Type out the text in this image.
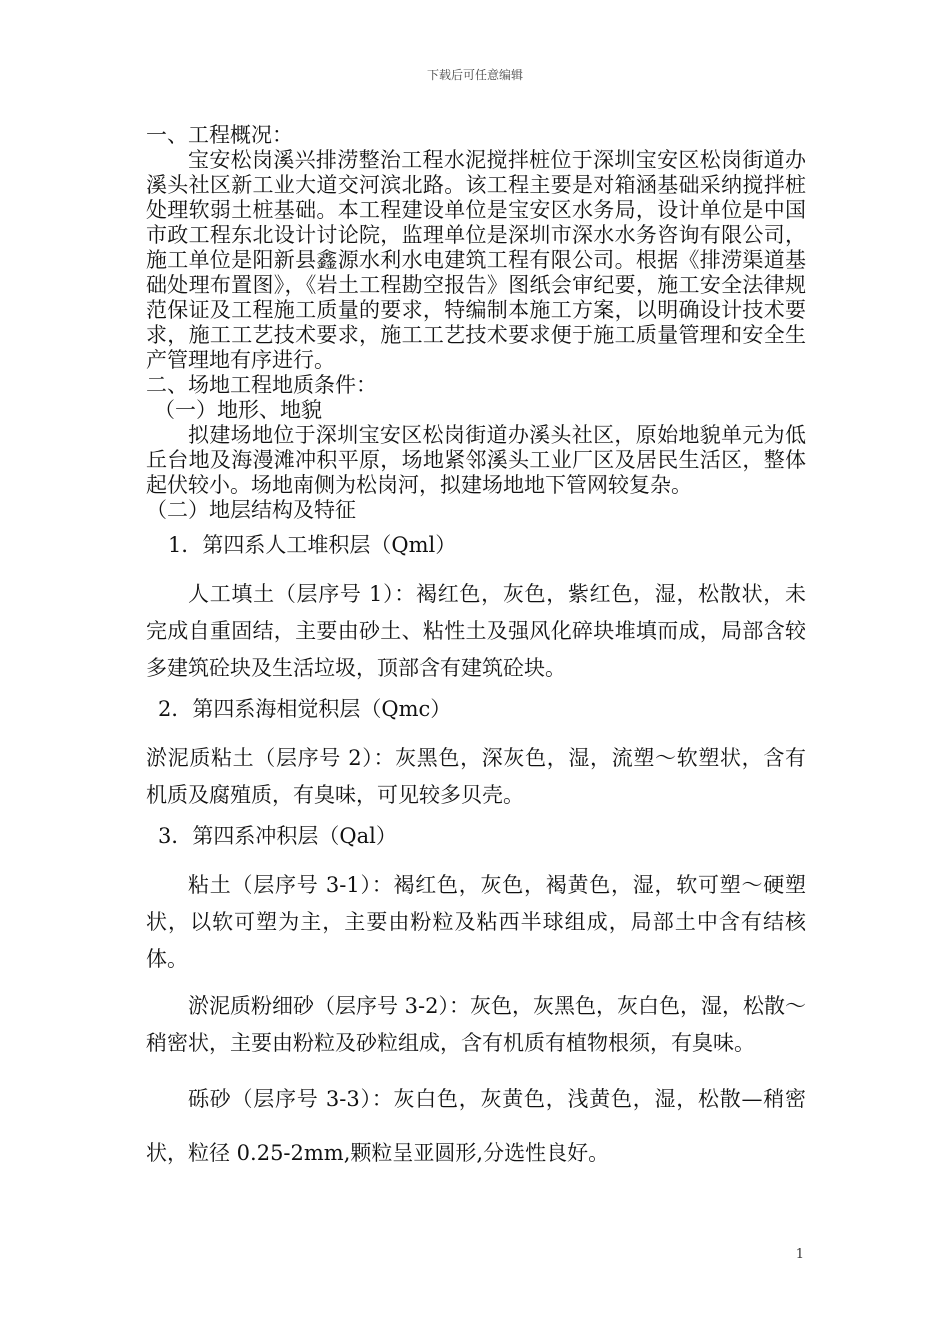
下载后可任意编辑

一、工程概况：

宝安松岗溪兴排涝整治工程水泥搅拌桩位于深圳宝安区松岗街道办溪头社区新工业大道交河滨北路。该工程主要是对箱涵基础采纳搅拌桩处理软弱土桩基础。本工程建设单位是宝安区水务局，设计单位是中国市政工程东北设计讨论院，监理单位是深圳市深水水务咨询有限公司，施工单位是阳新县鑫源水利水电建筑工程有限公司。根据《排涝渠道基础处理布置图》，《岩土工程勘空报告》图纸会审纪要，施工安全法律规范保证及工程施工质量的要求，特编制本施工方案，以明确设计技术要求，施工工艺技术要求，施工工艺技术要求便于施工质量管理和安全生产管理地有序进行。

二、场地工程地质条件：

（一）地形、地貌

拟建场地位于深圳宝安区松岗街道办溪头社区，原始地貌单元为低丘台地及海漫滩冲积平原，场地紧邻溪头工业厂区及居民生活区，整体起伏较小。场地南侧为松岗河，拟建场地地下管网较复杂。

（二）地层结构及特征

1．第四系人工堆积层（Qml）

人工填土（层序号 1）：褐红色，灰色，紫红色，湿，松散状，未完成自重固结，主要由砂土、粘性土及强风化碎块堆填而成，局部含较多建筑砼块及生活垃圾，顶部含有建筑砼块。

2．第四系海相觉积层（Qmc）

淤泥质粘土（层序号 2）：灰黑色，深灰色，湿，流塑～软塑状，含有机质及腐殖质，有臭味，可见较多贝壳。

3．第四系冲积层（Qal）

粘土（层序号 3-1）：褐红色，灰色，褐黄色，湿，软可塑～硬塑状，以软可塑为主，主要由粉粒及粘西半球组成，局部土中含有结核体。

淤泥质粉细砂（层序号 3-2）：灰色，灰黑色，灰白色，湿，松散～稍密状，主要由粉粒及砂粒组成，含有机质有植物根须，有臭味。

砾砂（层序号 3-3）：灰白色，灰黄色，浅黄色，湿，松散—稍密状，粒径 0.25-2mm,颗粒呈亚圆形,分选性良好。

1
